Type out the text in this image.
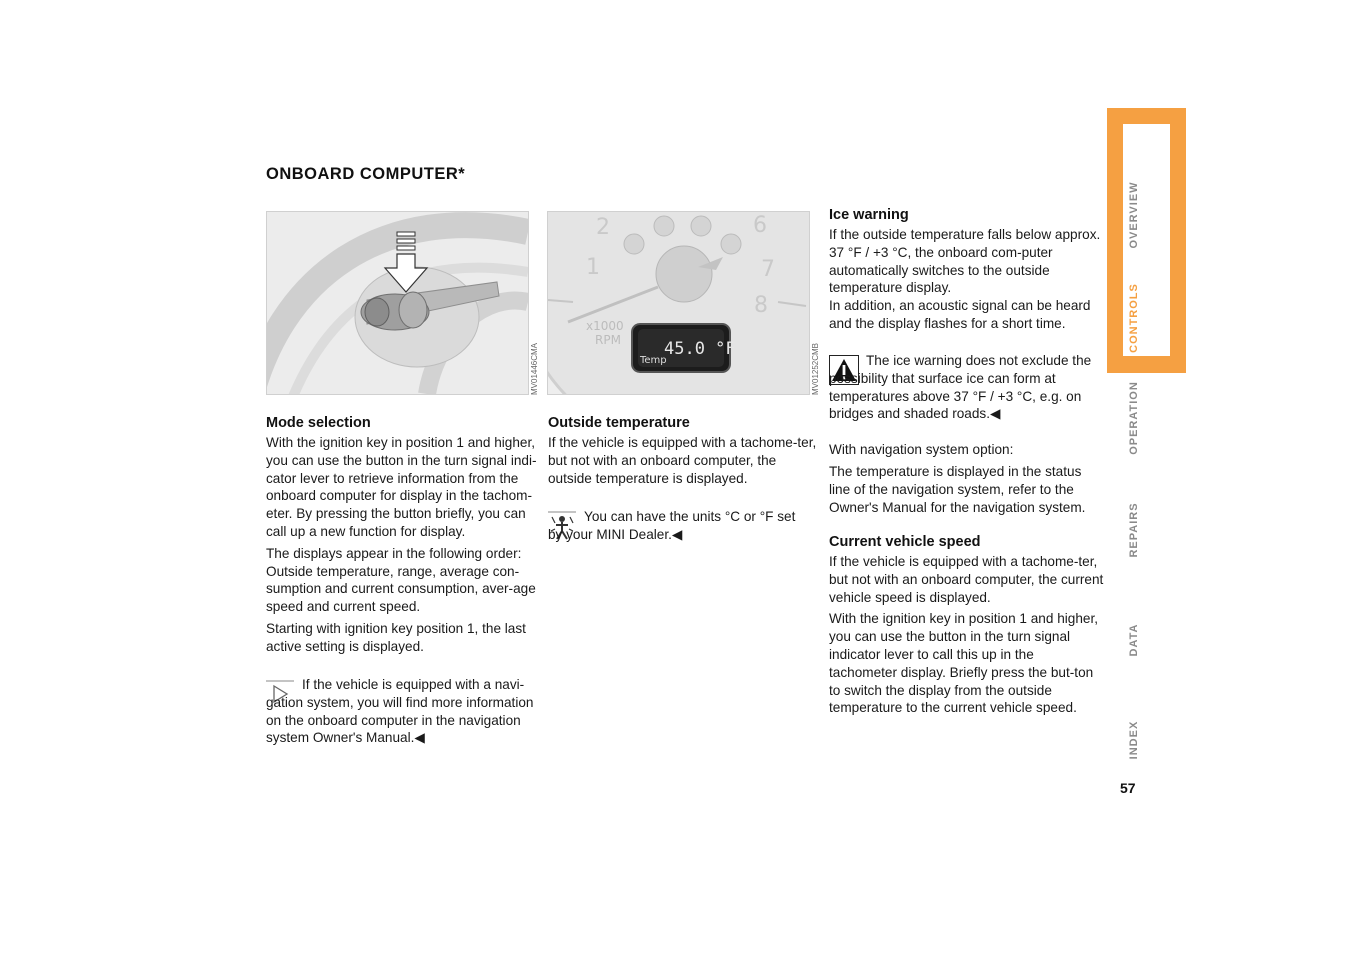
ONBOARD COMPUTER*
MV01446CMA
2	6
1	7
8
x1000
RPM	45.0 °F
Temp	MV01252CMB
Mode selection

With the ignition key in position 1 and higher, you can use the button in the turn signal indi-cator lever to retrieve information from the onboard computer for display in the tachom-eter. By pressing the button briefly, you can call up a new function for display.

The displays appear in the following order: Outside temperature, range, average con-sumption and current consumption, aver-age speed and current speed.

Starting with ignition key position 1, the last active setting is displayed.

If the vehicle is equipped with a navi-gation system, you will find more information on the onboard computer in the navigation system Owner's Manual.◀

Outside temperature

If the vehicle is equipped with a tachome-ter, but not with an onboard computer, the outside temperature is displayed.

You can have the units °C or °F set by your MINI Dealer.◀

Ice warning

If the outside temperature falls below approx. 37 °F / +3 °C, the onboard com-puter automatically switches to the outside temperature display.

In addition, an acoustic signal can be heard and the display flashes for a short time.

The ice warning does not exclude the possibility that surface ice can form at temperatures above 37 °F / +3 °C, e.g. on bridges and shaded roads.◀

With navigation system option:

The temperature is displayed in the status line of the navigation system, refer to the Owner's Manual for the navigation system.

Current vehicle speed

If the vehicle is equipped with a tachome-ter, but not with an onboard computer, the current vehicle speed is displayed.

With the ignition key in position 1 and higher, you can use the button in the turn signal indicator lever to call this up in the tachometer display. Briefly press the but-ton to switch the display from the outside temperature to the current vehicle speed.

OVERVIEW
CONTROLS
OPERATION
REPAIRS
DATA
INDEX
57
